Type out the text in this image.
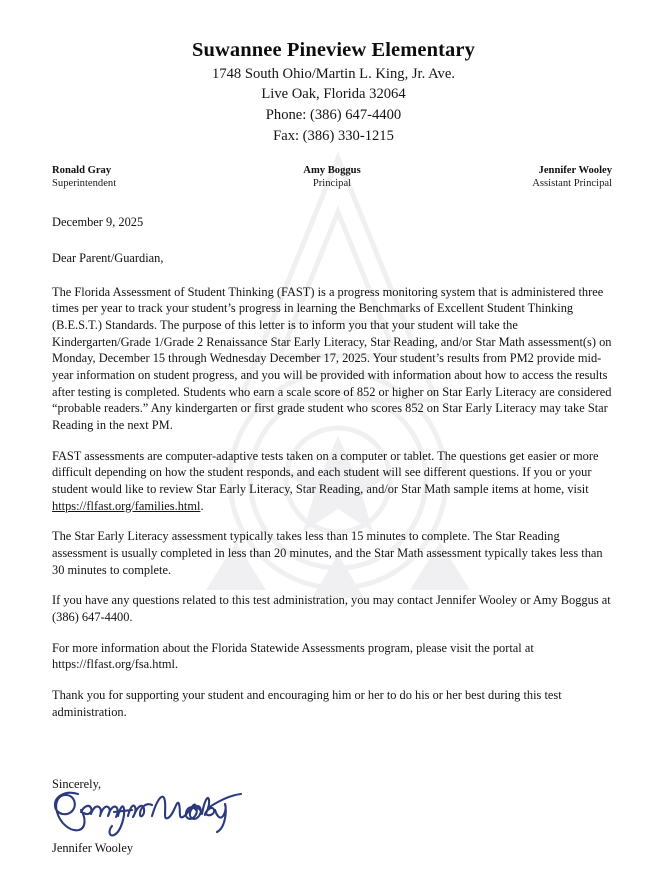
Suwannee Pineview Elementary
1748 South Ohio/Martin L. King, Jr. Ave.
Live Oak, Florida 32064
Phone: (386) 647-4400
Fax: (386) 330-1215
Ronald Gray
Superintendent
Amy Boggus
Principal
Jennifer Wooley
Assistant Principal
December 9, 2025
Dear Parent/Guardian,

The Florida Assessment of Student Thinking (FAST) is a progress monitoring system that is administered three times per year to track your student’s progress in learning the Benchmarks of Excellent Student Thinking (B.E.S.T.) Standards. The purpose of this letter is to inform you that your student will take the Kindergarten/Grade 1/Grade 2 Renaissance Star Early Literacy, Star Reading, and/or Star Math assessment(s) on Monday, December 15 through Wednesday December 17, 2025. Your student’s results from PM2 provide mid-year information on student progress, and you will be provided with information about how to access the results after testing is completed. Students who earn a scale score of 852 or higher on Star Early Literacy are considered “probable readers.” Any kindergarten or first grade student who scores 852 on Star Early Literacy may take Star Reading in the next PM.

FAST assessments are computer-adaptive tests taken on a computer or tablet. The questions get easier or more difficult depending on how the student responds, and each student will see different questions. If you or your student would like to review Star Early Literacy, Star Reading, and/or Star Math sample items at home, visit https://flfast.org/families.html.

The Star Early Literacy assessment typically takes less than 15 minutes to complete. The Star Reading assessment is usually completed in less than 20 minutes, and the Star Math assessment typically takes less than 30 minutes to complete.

If you have any questions related to this test administration, you may contact Jennifer Wooley or Amy Boggus at (386) 647-4400.

For more information about the Florida Statewide Assessments program, please visit the portal at https://flfast.org/fsa.html.

Thank you for supporting your student and encouraging him or her to do his or her best during this test administration.

Sincerely,
Jennifer Wooley
